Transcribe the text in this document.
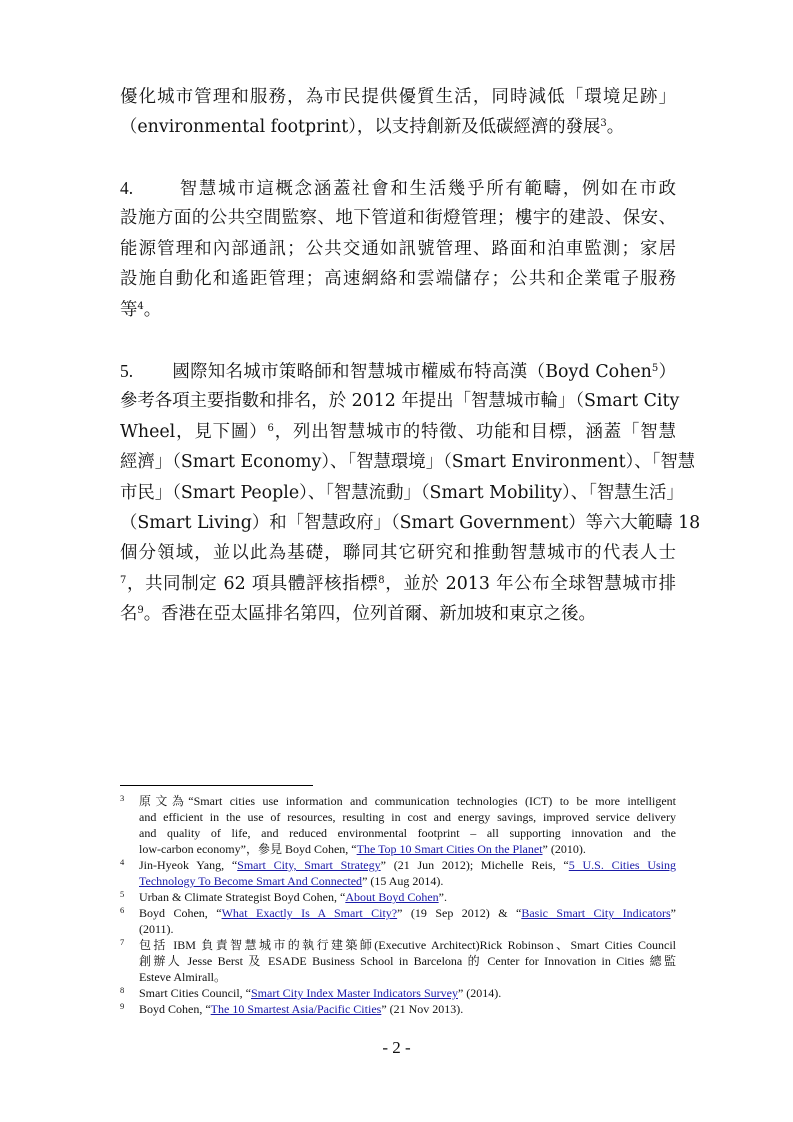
優化城市管理和服務，為市民提供優質生活，同時減低「環境足跡」
（environmental footprint），以支持創新及低碳經濟的發展$^3$。
4.	智慧城市這概念涵蓋社會和生活幾乎所有範疇，例如在市政
設施方面的公共空間監察、地下管道和街燈管理；樓宇的建設、保安、
能源管理和內部通訊；公共交通如訊號管理、路面和泊車監測；家居
設施自動化和遙距管理；高速網絡和雲端儲存；公共和企業電子服務
等$^4$。
5. 國際知名城市策略師和智慧城市權威布特高漢（Boyd Cohen$^5$）
參考各項主要指數和排名，於 2012 年提出「智慧城市輪」（Smart City
Wheel，見下圖）$^6$，列出智慧城市的特徵、功能和目標，涵蓋「智慧
經濟」（Smart Economy）、「智慧環境」（Smart Environment）、「智慧
市民」（Smart People）、「智慧流動」（Smart Mobility）、「智慧生活」
（Smart Living）和「智慧政府」（Smart Government）等六大範疇 18
個分領域，並以此為基礎，聯同其它研究和推動智慧城市的代表人士
$^7$，共同制定 62 項具體評核指標$^8$，並於 2013 年公布全球智慧城市排
名$^9$。香港在亞太區排名第四，位列首爾、新加坡和東京之後。
3 原文為“Smart cities use information and communication technologies (ICT) to be more intelligent
and efficient in the use of resources, resulting in cost and energy savings, improved service delivery
and quality of life, and reduced environmental footprint – all supporting innovation and the
low-carbon economy”，參見 Boyd Cohen, “The Top 10 Smart Cities On the Planet” (2010).
4 Jin-Hyeok Yang, “Smart City, Smart Strategy” (21 Jun 2012); Michelle Reis, “5 U.S. Cities Using
Technology To Become Smart And Connected” (15 Aug 2014).
5 Urban & Climate Strategist Boyd Cohen, “About Boyd Cohen”.
6 Boyd Cohen, “What Exactly Is A Smart City?” (19 Sep 2012) & “Basic Smart City Indicators”
(2011).
7 包括 IBM 負責智慧城市的執行建築師(Executive Architect)Rick Robinson、Smart Cities Council
創辦人 Jesse Berst 及 ESADE Business School in Barcelona 的 Center for Innovation in Cities 總監
Esteve Almirall。
8 Smart Cities Council, “Smart City Index Master Indicators Survey” (2014).
9 Boyd Cohen, “The 10 Smartest Asia/Pacific Cities” (21 Nov 2013).
- 2 -
